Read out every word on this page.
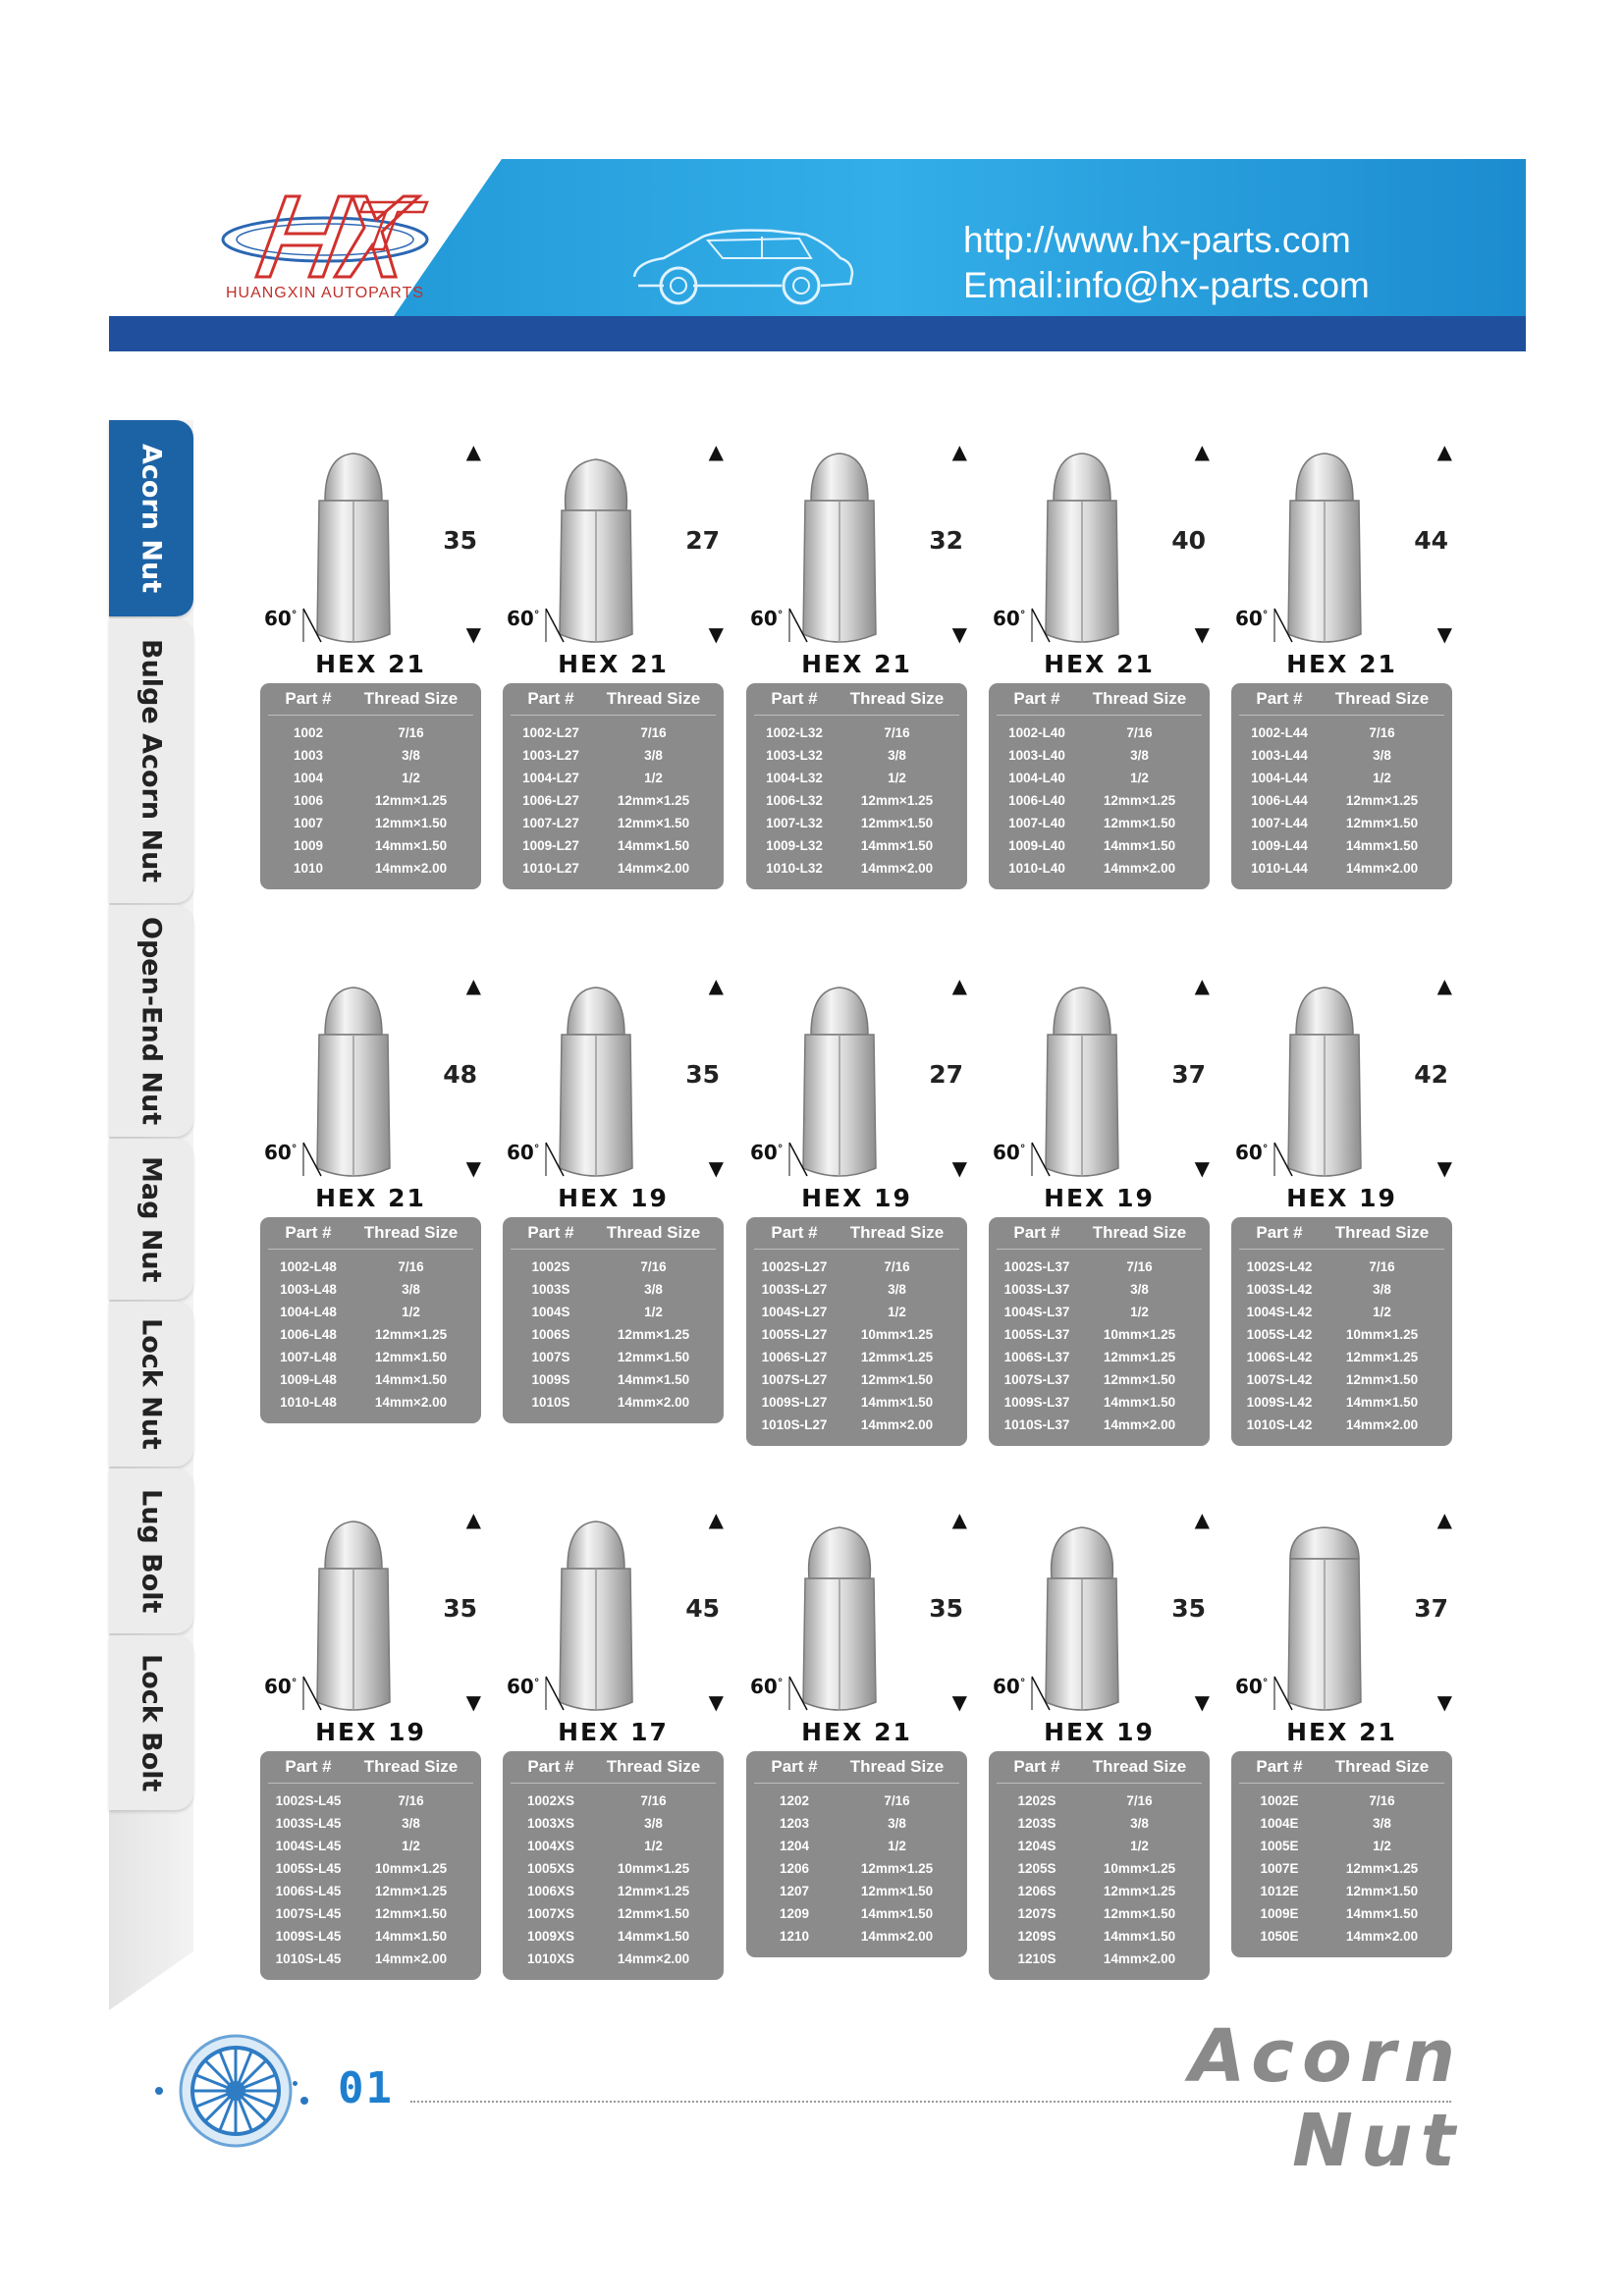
HUANGXIN AUTOPARTS
http://www.hx-parts.com
Email:info@hx-parts.com
Acorn Nut
Bulge Acorn Nut
Open-End Nut
Mag Nut
Lock Nut
Lug Bolt
Lock Bolt
▲
35
▼
60°
HEX 21
Part #	Thread Size
1002	7/16
1003	3/8
1004	1/2
1006	12mm×1.25
1007	12mm×1.50
1009	14mm×1.50
1010	14mm×2.00
▲
27
▼
60°
HEX 21
Part #	Thread Size
1002-L27	7/16
1003-L27	3/8
1004-L27	1/2
1006-L27	12mm×1.25
1007-L27	12mm×1.50
1009-L27	14mm×1.50
1010-L27	14mm×2.00
▲
32
▼
60°
HEX 21
Part #	Thread Size
1002-L32	7/16
1003-L32	3/8
1004-L32	1/2
1006-L32	12mm×1.25
1007-L32	12mm×1.50
1009-L32	14mm×1.50
1010-L32	14mm×2.00
▲
40
▼
60°
HEX 21
Part #	Thread Size
1002-L40	7/16
1003-L40	3/8
1004-L40	1/2
1006-L40	12mm×1.25
1007-L40	12mm×1.50
1009-L40	14mm×1.50
1010-L40	14mm×2.00
▲
44
▼
60°
HEX 21
Part #	Thread Size
1002-L44	7/16
1003-L44	3/8
1004-L44	1/2
1006-L44	12mm×1.25
1007-L44	12mm×1.50
1009-L44	14mm×1.50
1010-L44	14mm×2.00
▲
48
▼
60°
HEX 21
Part #	Thread Size
1002-L48	7/16
1003-L48	3/8
1004-L48	1/2
1006-L48	12mm×1.25
1007-L48	12mm×1.50
1009-L48	14mm×1.50
1010-L48	14mm×2.00
▲
35
▼
60°
HEX 19
Part #	Thread Size
1002S	7/16
1003S	3/8
1004S	1/2
1006S	12mm×1.25
1007S	12mm×1.50
1009S	14mm×1.50
1010S	14mm×2.00
▲
27
▼
60°
HEX 19
Part #	Thread Size
1002S-L27	7/16
1003S-L27	3/8
1004S-L27	1/2
1005S-L27	10mm×1.25
1006S-L27	12mm×1.25
1007S-L27	12mm×1.50
1009S-L27	14mm×1.50
1010S-L27	14mm×2.00
▲
37
▼
60°
HEX 19
Part #	Thread Size
1002S-L37	7/16
1003S-L37	3/8
1004S-L37	1/2
1005S-L37	10mm×1.25
1006S-L37	12mm×1.25
1007S-L37	12mm×1.50
1009S-L37	14mm×1.50
1010S-L37	14mm×2.00
▲
42
▼
60°
HEX 19
Part #	Thread Size
1002S-L42	7/16
1003S-L42	3/8
1004S-L42	1/2
1005S-L42	10mm×1.25
1006S-L42	12mm×1.25
1007S-L42	12mm×1.50
1009S-L42	14mm×1.50
1010S-L42	14mm×2.00
▲
35
▼
60°
HEX 19
Part #	Thread Size
1002S-L45	7/16
1003S-L45	3/8
1004S-L45	1/2
1005S-L45	10mm×1.25
1006S-L45	12mm×1.25
1007S-L45	12mm×1.50
1009S-L45	14mm×1.50
1010S-L45	14mm×2.00
▲
45
▼
60°
HEX 17
Part #	Thread Size
1002XS	7/16
1003XS	3/8
1004XS	1/2
1005XS	10mm×1.25
1006XS	12mm×1.25
1007XS	12mm×1.50
1009XS	14mm×1.50
1010XS	14mm×2.00
▲
35
▼
60°
HEX 21
Part #	Thread Size
1202	7/16
1203	3/8
1204	1/2
1206	12mm×1.25
1207	12mm×1.50
1209	14mm×1.50
1210	14mm×2.00
▲
35
▼
60°
HEX 19
Part #	Thread Size
1202S	7/16
1203S	3/8
1204S	1/2
1205S	10mm×1.25
1206S	12mm×1.25
1207S	12mm×1.50
1209S	14mm×1.50
1210S	14mm×2.00
▲
37
▼
60°
HEX 21
Part #	Thread Size
1002E	7/16
1004E	3/8
1005E	1/2
1007E	12mm×1.25
1012E	12mm×1.50
1009E	14mm×1.50
1050E	14mm×2.00
01	Acorn Nut
